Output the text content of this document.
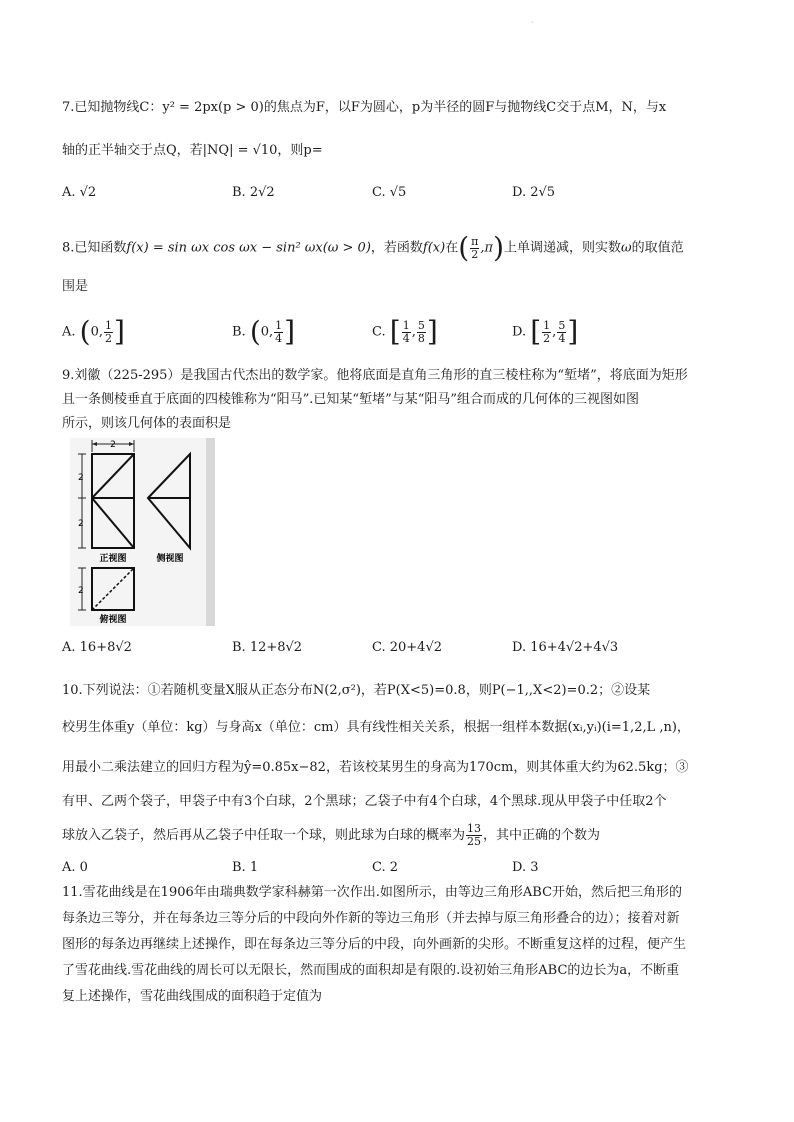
·
7.已知抛物线C：y² = 2px(p > 0)的焦点为F，以F为圆心，p为半径的圆F与抛物线C交于点M，N，与x
轴的正半轴交于点Q，若|NQ| = √10，则p=
A. √2	B. 2√2	C. √5	D. 2√5
8.已知函数f(x) = sin ωx cos ωx − sin² ωx(ω > 0)，若函数f(x)在( $\frac{\pi}{2} ,\pi$)上单调递减，则实数ω的取值范
围是
A. (0, $\frac{1}{2}$ ]	B. (0, $\frac{1}{4}$ ]	C. [ $\frac{1}{4}$ , $\frac{5}{8}$ ]	D. [ $\frac{1}{2}$ , $\frac{5}{4}$ ]
9.刘徽（225-295）是我国古代杰出的数学家。他将底面是直角三角形的直三棱柱称为“堑堵”，将底面为矩形
且一条侧棱垂直于底面的四棱锥称为“阳马”.已知某“堑堵”与某“阳马”组合而成的几何体的三视图如图
所示，则该几何体的表面积是
2
2
2
正视图	侧视图
2
俯视图
A. 16+8√2	B. 12+8√2	C. 20+4√2	D. 16+4√2+4√3
10.下列说法：①若随机变量X服从正态分布N(2,σ²)，若P(X<5)=0.8，则P(−1,,X<2)=0.2；②设某
校男生体重y（单位：kg）与身高x（单位：cm）具有线性相关关系，根据一组样本数据(xᵢ,yᵢ)(i=1,2,L ,n)，
用最小二乘法建立的回归方程为ŷ=0.85x−82，若该校某男生的身高为170cm，则其体重大约为62.5kg；③
有甲、乙两个袋子，甲袋子中有3个白球，2个黑球；乙袋子中有4个白球，4个黑球.现从甲袋子中任取2个
球放入乙袋子，然后再从乙袋子中任取一个球，则此球为白球的概率为 $\frac{13}{25}$ ，其中正确的个数为
A. 0	B. 1	C. 2	D. 3
11.雪花曲线是在1906年由瑞典数学家科赫第一次作出.如图所示，由等边三角形ABC开始，然后把三角形的
每条边三等分，并在每条边三等分后的中段向外作新的等边三角形（并去掉与原三角形叠合的边）；接着对新
图形的每条边再继续上述操作，即在每条边三等分后的中段，向外画新的尖形。不断重复这样的过程，便产生
了雪花曲线.雪花曲线的周长可以无限长，然而围成的面积却是有限的.设初始三角形ABC的边长为a，不断重
复上述操作，雪花曲线围成的面积趋于定值为
